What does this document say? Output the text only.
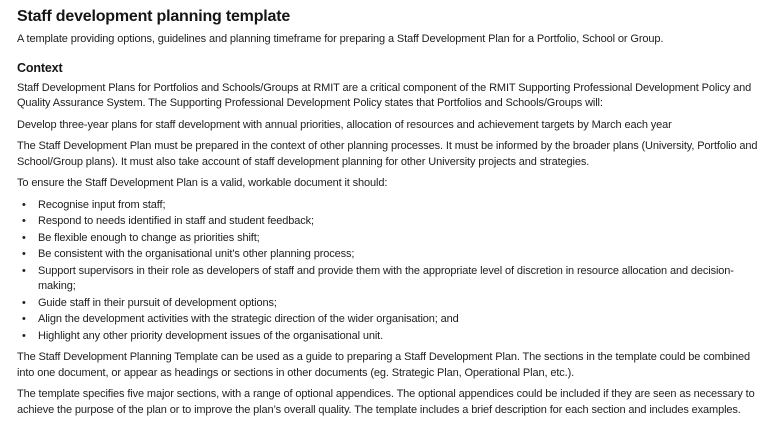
Staff development planning template

A template providing options, guidelines and planning timeframe for preparing a Staff Development Plan for a Portfolio, School or Group.

Context

Staff Development Plans for Portfolios and Schools/Groups at RMIT are a critical component of the RMIT Supporting Professional Development Policy and Quality Assurance System. The Supporting Professional Development Policy states that Portfolios and Schools/Groups will:

Develop three-year plans for staff development with annual priorities, allocation of resources and achievement targets by March each year

The Staff Development Plan must be prepared in the context of other planning processes. It must be informed by the broader plans (University, Portfolio and School/Group plans). It must also take account of staff development planning for other University projects and strategies.

To ensure the Staff Development Plan is a valid, workable document it should:

• Recognise input from staff;
• Respond to needs identified in staff and student feedback;
• Be flexible enough to change as priorities shift;
• Be consistent with the organisational unit’s other planning process;
• Support supervisors in their role as developers of staff and provide them with the appropriate level of discretion in resource allocation and decision-making;
• Guide staff in their pursuit of development options;
• Align the development activities with the strategic direction of the wider organisation; and
• Highlight any other priority development issues of the organisational unit.

The Staff Development Planning Template can be used as a guide to preparing a Staff Development Plan. The sections in the template could be combined into one document, or appear as headings or sections in other documents (eg. Strategic Plan, Operational Plan, etc.).

The template specifies five major sections, with a range of optional appendices. The optional appendices could be included if they are seen as necessary to achieve the purpose of the plan or to improve the plan’s overall quality. The template includes a brief description for each section and includes examples.
